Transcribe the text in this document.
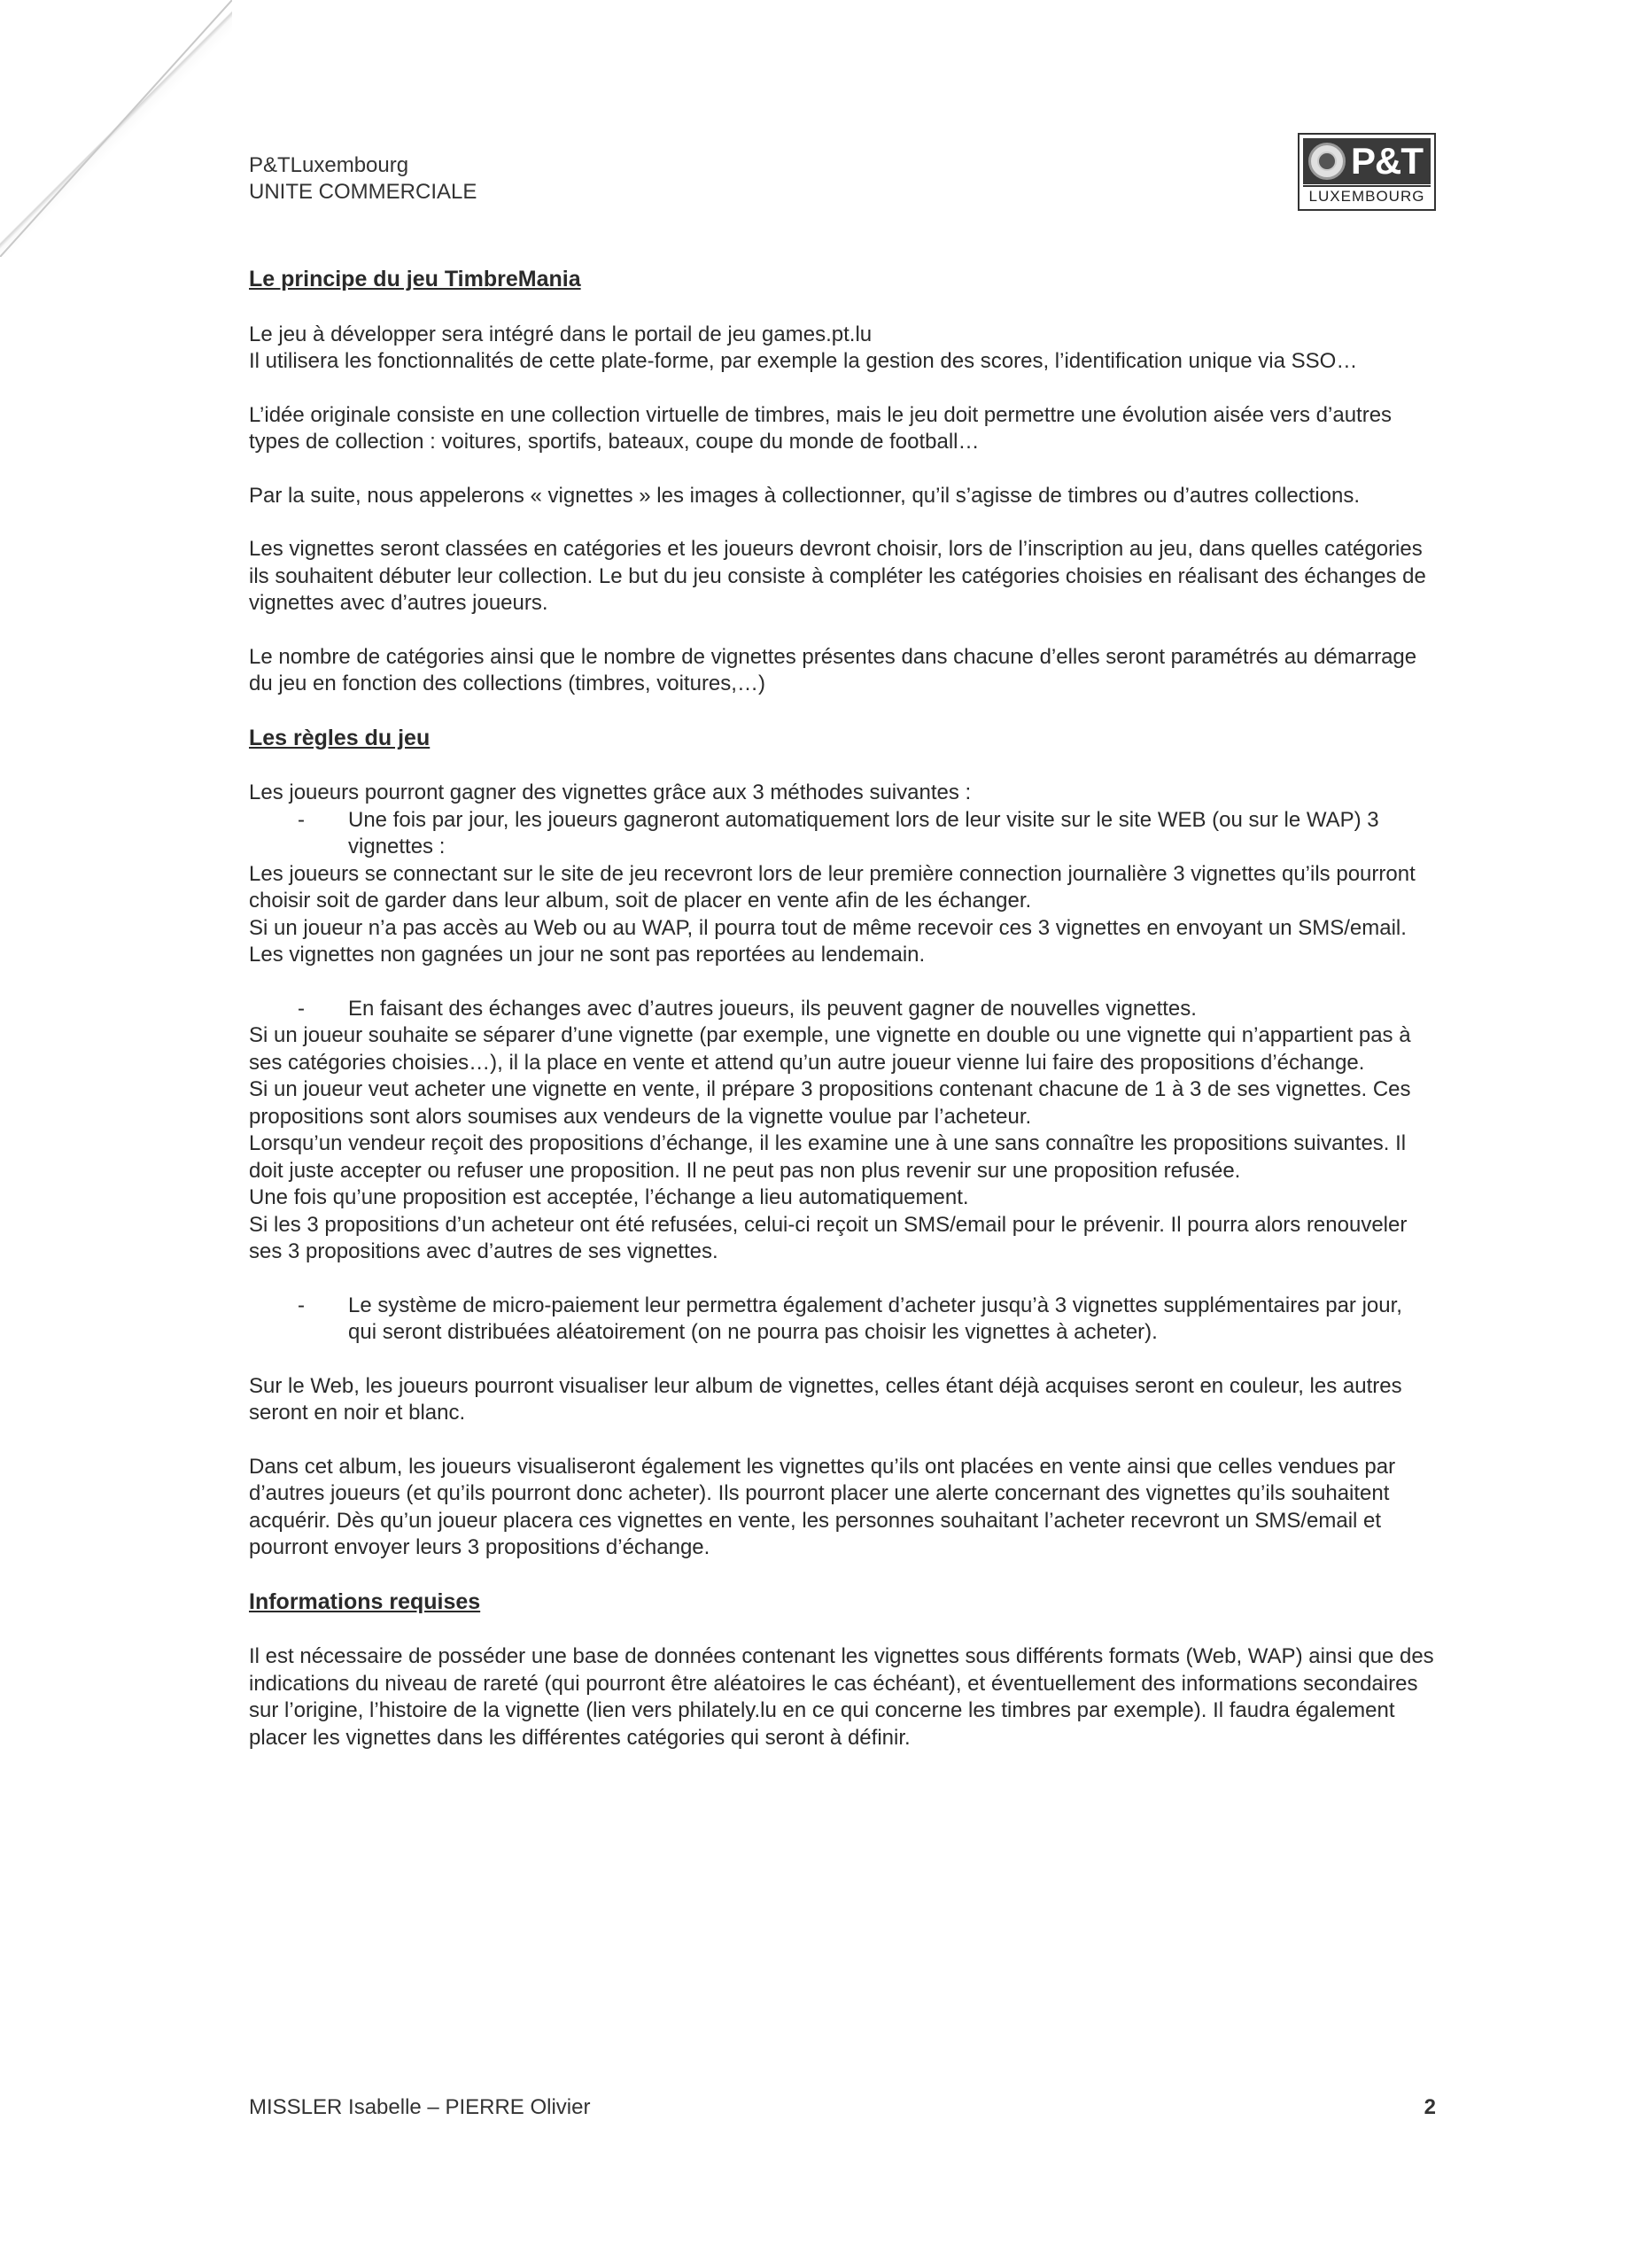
P&TLuxembourg
UNITE COMMERCIALE
P&T
LUXEMBOURG

Le principe du jeu TimbreMania

Le jeu à développer sera intégré dans le portail de jeu games.pt.lu

Il utilisera les fonctionnalités de cette plate-forme, par exemple la gestion des scores, l’identification unique via SSO…

L’idée originale consiste en une collection virtuelle de timbres, mais le jeu doit permettre une évolution aisée vers d’autres types de collection : voitures, sportifs, bateaux, coupe du monde de football…

Par la suite, nous appelerons « vignettes » les images à collectionner, qu’il s’agisse de timbres ou d’autres collections.

Les vignettes seront classées en catégories et les joueurs devront choisir, lors de l’inscription au jeu, dans quelles catégories ils souhaitent débuter leur collection. Le but du jeu consiste à compléter les catégories choisies en réalisant des échanges de vignettes avec d’autres joueurs.

Le nombre de catégories ainsi que le nombre de vignettes présentes dans chacune d’elles seront paramétrés au démarrage du jeu en fonction des collections (timbres, voitures,…)

Les règles du jeu

Les joueurs pourront gagner des vignettes grâce aux 3 méthodes suivantes :

- Une fois par jour, les joueurs gagneront automatiquement lors de leur visite sur le site WEB (ou sur le WAP) 3 vignettes :

Les joueurs se connectant sur le site de jeu recevront lors de leur première connection journalière 3 vignettes qu’ils pourront choisir soit de garder dans leur album, soit de placer en vente afin de les échanger.

Si un joueur n’a pas accès au Web ou au WAP, il pourra tout de même recevoir ces 3 vignettes en envoyant un SMS/email.

Les vignettes non gagnées un jour ne sont pas reportées au lendemain.

- En faisant des échanges avec d’autres joueurs, ils peuvent gagner de nouvelles vignettes.

Si un joueur souhaite se séparer d’une vignette (par exemple, une vignette en double ou une vignette qui n’appartient pas à ses catégories choisies…), il la place en vente et attend qu’un autre joueur vienne lui faire des propositions d’échange.

Si un joueur veut acheter une vignette en vente, il prépare 3 propositions contenant chacune de 1 à 3 de ses vignettes. Ces propositions sont alors soumises aux vendeurs de la vignette voulue par l’acheteur.

Lorsqu’un vendeur reçoit des propositions d’échange, il les examine une à une sans connaître les propositions suivantes. Il doit juste accepter ou refuser une proposition. Il ne peut pas non plus revenir sur une proposition refusée.

Une fois qu’une proposition est acceptée, l’échange a lieu automatiquement.

Si les 3 propositions d’un acheteur ont été refusées, celui-ci reçoit un SMS/email pour le prévenir. Il pourra alors renouveler ses 3 propositions avec d’autres de ses vignettes.

- Le système de micro-paiement leur permettra également d’acheter jusqu’à 3 vignettes supplémentaires par jour, qui seront distribuées aléatoirement (on ne pourra pas choisir les vignettes à acheter).

Sur le Web, les joueurs pourront visualiser leur album de vignettes, celles étant déjà acquises seront en couleur, les autres seront en noir et blanc.

Dans cet album, les joueurs visualiseront également les vignettes qu’ils ont placées en vente ainsi que celles vendues par d’autres joueurs (et qu’ils pourront donc acheter). Ils pourront placer une alerte concernant des vignettes qu’ils souhaitent acquérir. Dès qu’un joueur placera ces vignettes en vente, les personnes souhaitant l’acheter recevront un SMS/email et pourront envoyer leurs 3 propositions d’échange.

Informations requises

Il est nécessaire de posséder une base de données contenant les vignettes sous différents formats (Web, WAP) ainsi que des indications du niveau de rareté (qui pourront être aléatoires le cas échéant), et éventuellement des informations secondaires sur l’origine, l’histoire de la vignette (lien vers philately.lu en ce qui concerne les timbres par exemple). Il faudra également placer les vignettes dans les différentes catégories qui seront à définir.

MISSLER Isabelle – PIERRE Olivier	2
